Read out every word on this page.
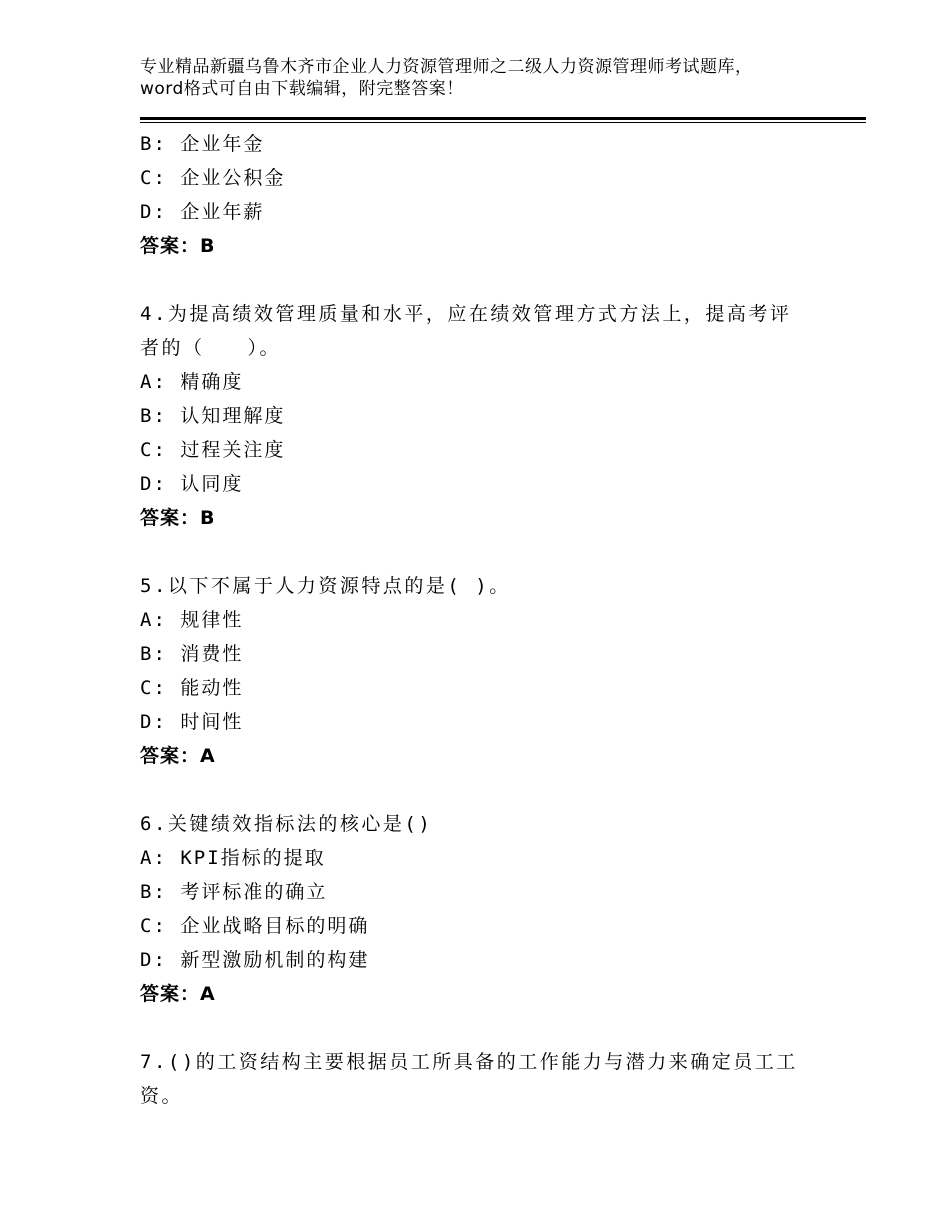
专业精品新疆乌鲁木齐市企业人力资源管理师之二级人力资源管理师考试题库，word格式可自由下载编辑，附完整答案！
B: 企业年金
C: 企业公积金
D: 企业年薪
答案：B
4.为提高绩效管理质量和水平，应在绩效管理方式方法上，提高考评者的（　　）。
A: 精确度
B: 认知理解度
C: 过程关注度
D: 认同度
答案：B
5.以下不属于人力资源特点的是( )。
A: 规律性
B: 消费性
C: 能动性
D: 时间性
答案：A
6.关键绩效指标法的核心是()
A: KPI指标的提取
B: 考评标准的确立
C: 企业战略目标的明确
D: 新型激励机制的构建
答案：A
7.()的工资结构主要根据员工所具备的工作能力与潜力来确定员工工资。
